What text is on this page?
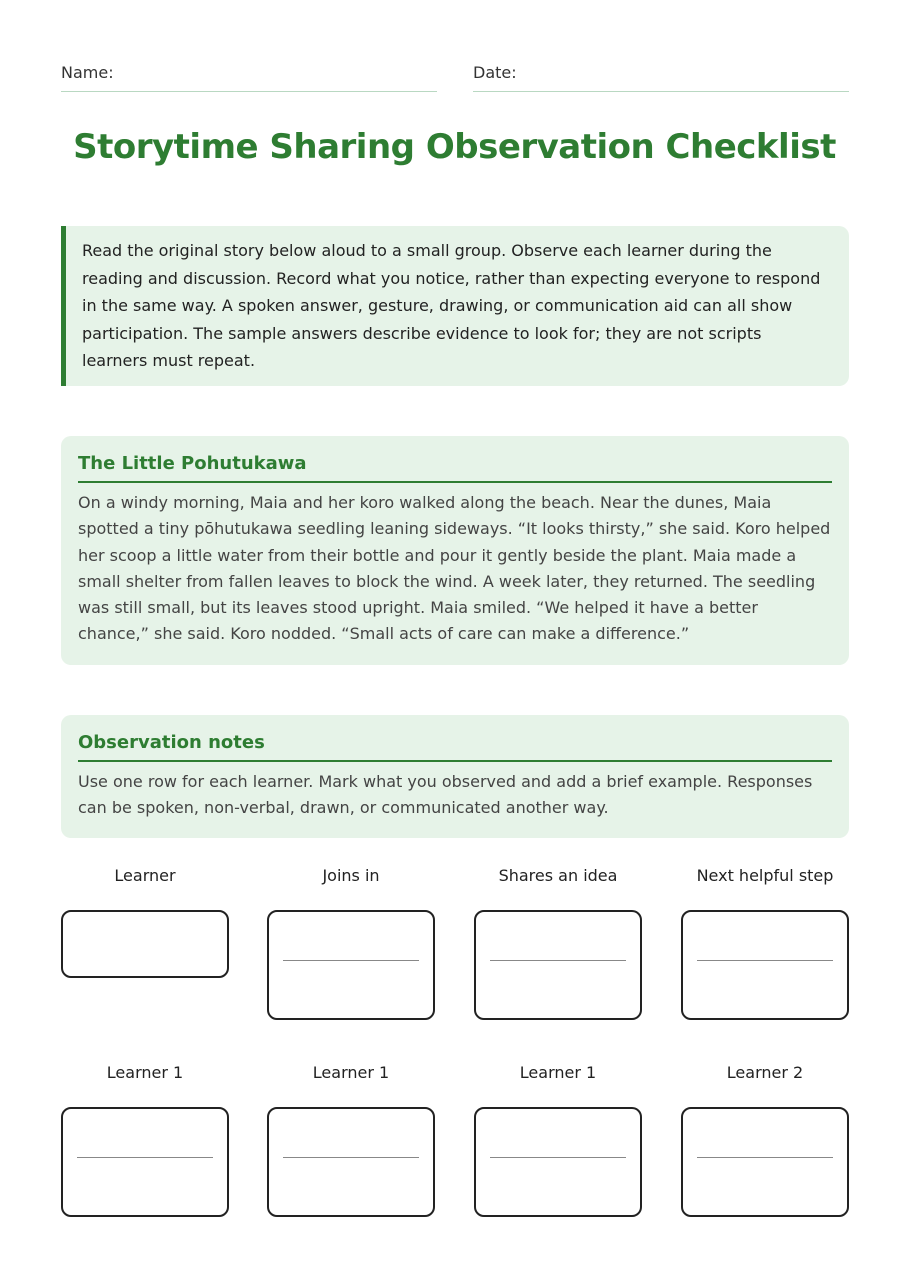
Name:	Date:
Storytime Sharing Observation Checklist
Read the original story below aloud to a small group. Observe each learner during the reading and discussion. Record what you notice, rather than expecting everyone to respond in the same way. A spoken answer, gesture, drawing, or communication aid can all show participation. The sample answers describe evidence to look for; they are not scripts learners must repeat.
The Little Pohutukawa

On a windy morning, Maia and her koro walked along the beach. Near the dunes, Maia spotted a tiny pōhutukawa seedling leaning sideways. “It looks thirsty,” she said. Koro helped her scoop a little water from their bottle and pour it gently beside the plant. Maia made a small shelter from fallen leaves to block the wind. A week later, they returned. The seedling was still small, but its leaves stood upright. Maia smiled. “We helped it have a better chance,” she said. Koro nodded. “Small acts of care can make a difference.”

Observation notes

Use one row for each learner. Mark what you observed and add a brief example. Responses can be spoken, non-verbal, drawn, or communicated another way.

Learner	Joins in	Shares an idea	Next helpful step
Learner 1	Learner 1	Learner 1	Learner 2
